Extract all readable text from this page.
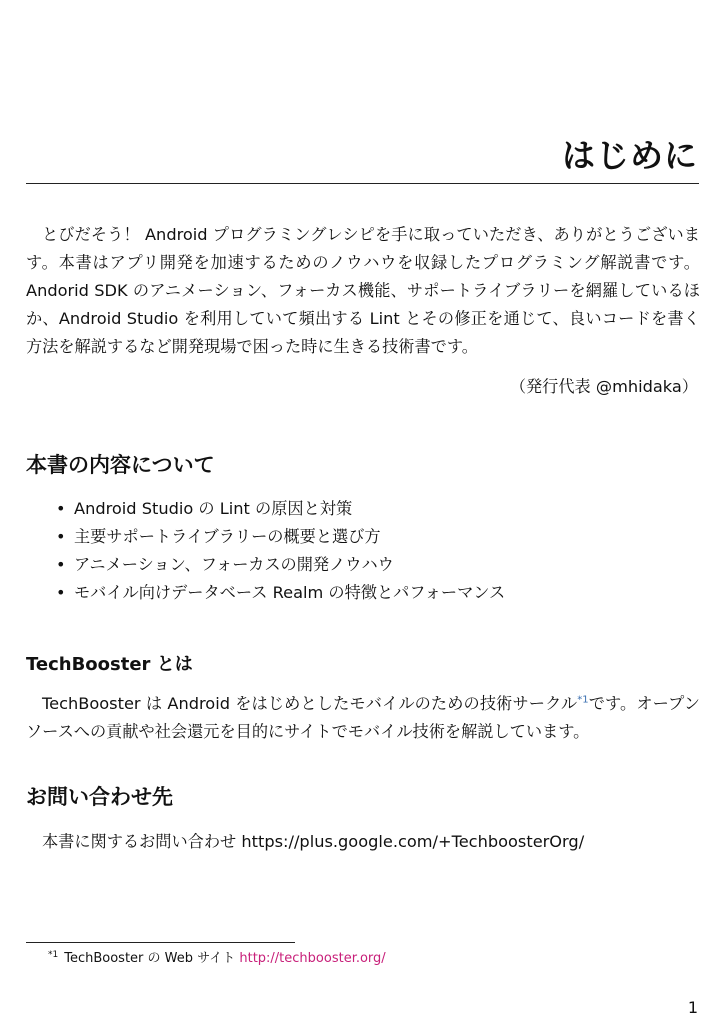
はじめに

とびだそう！ Android プログラミングレシピを手に取っていただき、ありがとうございます。本書はアプリ開発を加速するためのノウハウを収録したプログラミング解説書です。Andorid SDK のアニメーション、フォーカス機能、サポートライブラリーを網羅しているほか、Android Studio を利用していて頻出する Lint とその修正を通じて、良いコードを書く方法を解説するなど開発現場で困った時に生きる技術書です。

（発行代表 @mhidaka）

本書の内容について
• Android Studio の Lint の原因と対策
• 主要サポートライブラリーの概要と選び方
• アニメーション、フォーカスの開発ノウハウ
• モバイル向けデータベース Realm の特徴とパフォーマンス
TechBooster とは

TechBooster は Android をはじめとしたモバイルのための技術サークル$^{*1}$です。オープンソースへの貢献や社会還元を目的にサイトでモバイル技術を解説しています。

お問い合わせ先

本書に関するお問い合わせ https://plus.google.com/+TechboosterOrg/

$^{*1}$ TechBooster の Web サイト http://techbooster.org/

1
